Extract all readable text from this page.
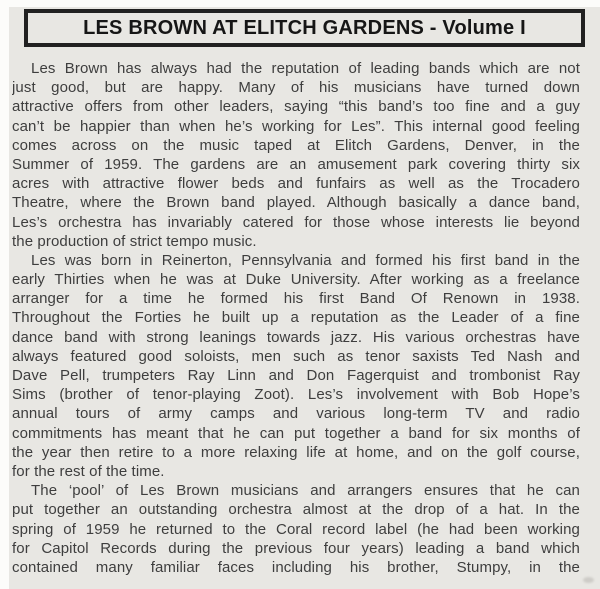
LES BROWN AT ELITCH GARDENS - Volume I
Les Brown has always had the reputation of leading bands which are not
just good, but are happy. Many of his musicians have turned down
attractive offers from other leaders, saying “this band’s too fine and a guy
can’t be happier than when he’s working for Les”. This internal good feeling
comes across on the music taped at Elitch Gardens, Denver, in the
Summer of 1959. The gardens are an amusement park covering thirty six
acres with attractive flower beds and funfairs as well as the Trocadero
Theatre, where the Brown band played. Although basically a dance band,
Les’s orchestra has invariably catered for those whose interests lie beyond
the production of strict tempo music.
Les was born in Reinerton, Pennsylvania and formed his first band in the
early Thirties when he was at Duke University. After working as a freelance
arranger for a time he formed his first Band Of Renown in 1938.
Throughout the Forties he built up a reputation as the Leader of a fine
dance band with strong leanings towards jazz. His various orchestras have
always featured good soloists, men such as tenor saxists Ted Nash and
Dave Pell, trumpeters Ray Linn and Don Fagerquist and trombonist Ray
Sims (brother of tenor-playing Zoot). Les’s involvement with Bob Hope’s
annual tours of army camps and various long-term TV and radio
commitments has meant that he can put together a band for six months of
the year then retire to a more relaxing life at home, and on the golf course,
for the rest of the time.
The ‘pool’ of Les Brown musicians and arrangers ensures that he can
put together an outstanding orchestra almost at the drop of a hat. In the
spring of 1959 he returned to the Coral record label (he had been working
for Capitol Records during the previous four years) leading a band which
contained many familiar faces including his brother, Stumpy, in the
